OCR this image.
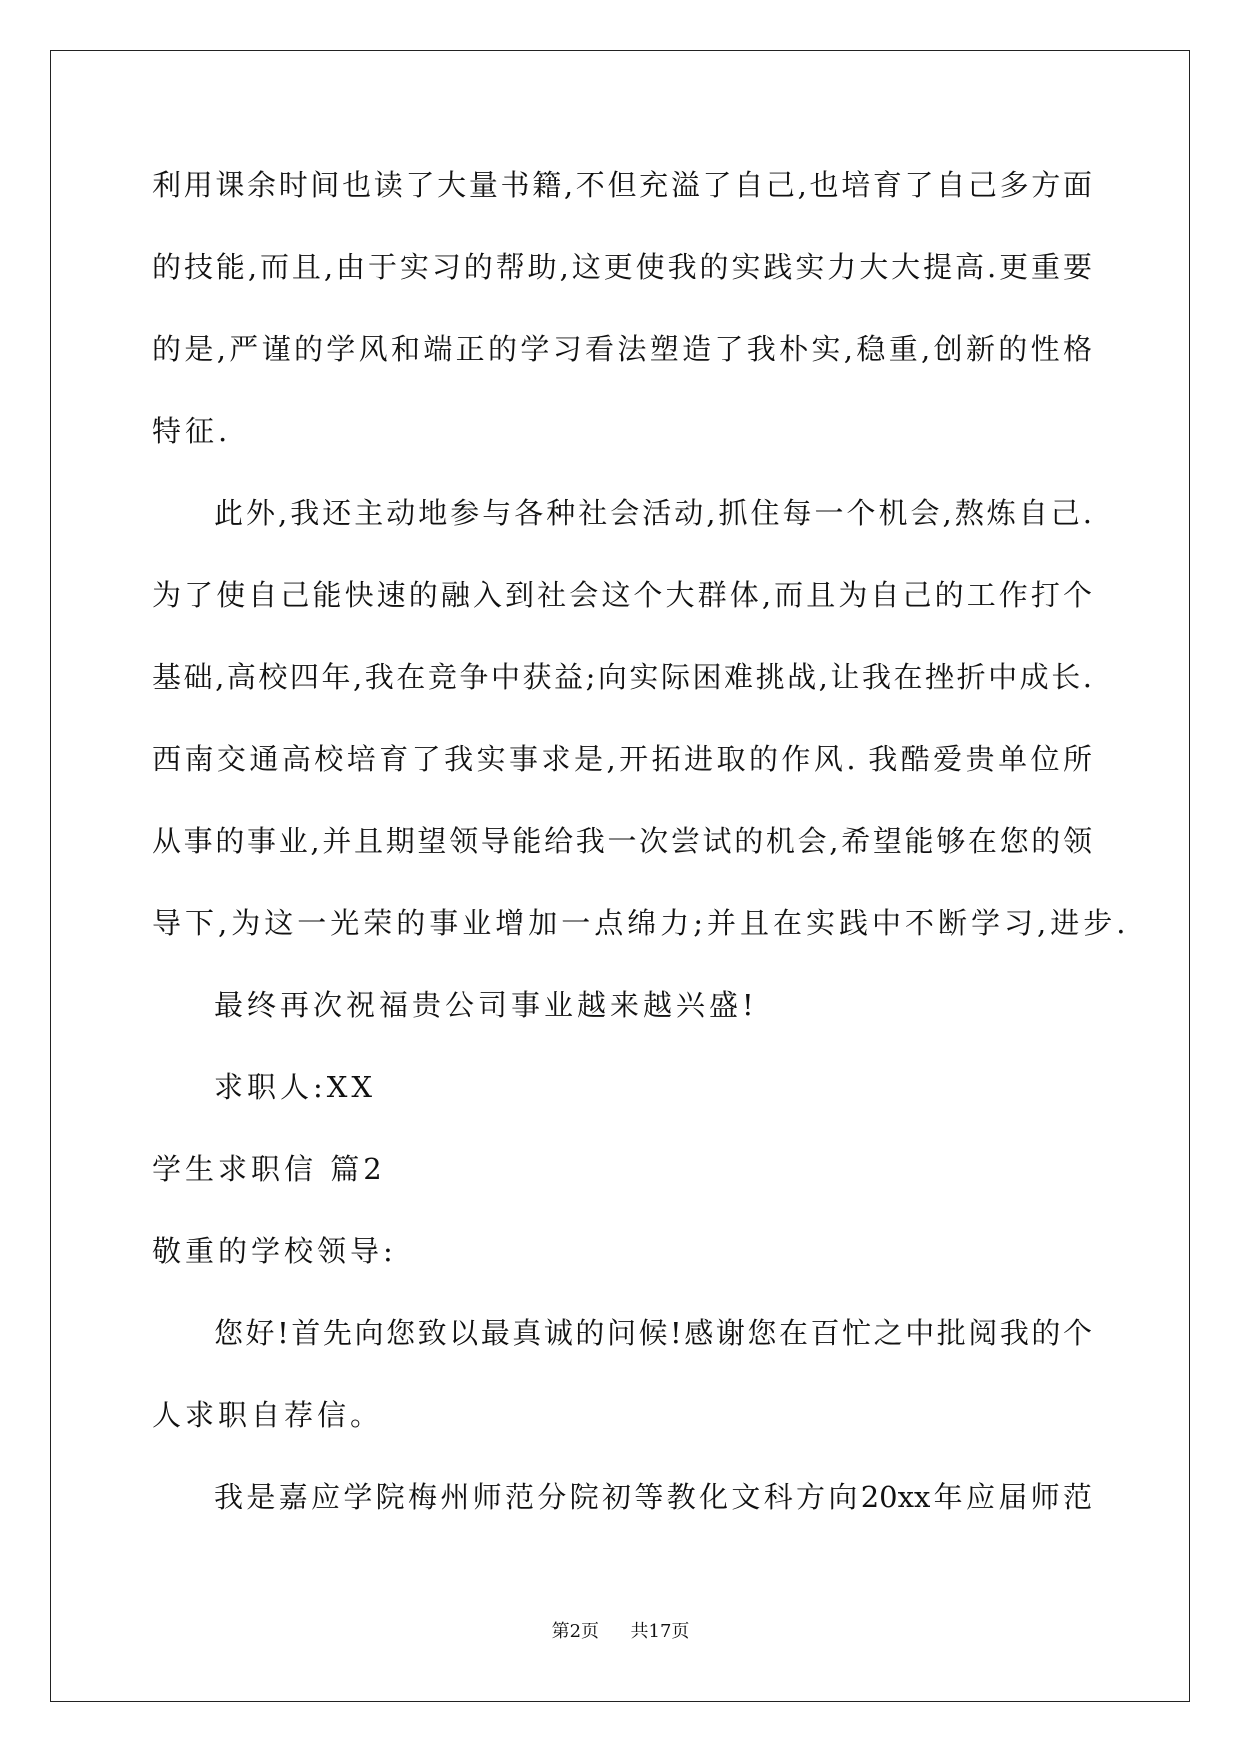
利用课余时间也读了大量书籍,不但充溢了自己,也培育了自己多方面
的技能,而且,由于实习的帮助,这更使我的实践实力大大提高.更重要
的是,严谨的学风和端正的学习看法塑造了我朴实,稳重,创新的性格
特征.
此外,我还主动地参与各种社会活动,抓住每一个机会,熬炼自己.
为了使自己能快速的融入到社会这个大群体,而且为自己的工作打个
基础,高校四年,我在竞争中获益;向实际困难挑战,让我在挫折中成长.
西南交通高校培育了我实事求是,开拓进取的作风. 我酷爱贵单位所
从事的事业,并且期望领导能给我一次尝试的机会,希望能够在您的领
导下,为这一光荣的事业增加一点绵力;并且在实践中不断学习,进步.
最终再次祝福贵公司事业越来越兴盛!
求职人:XX
学生求职信 篇2
敬重的学校领导:
您好!首先向您致以最真诚的问候!感谢您在百忙之中批阅我的个
人求职自荐信。
我是嘉应学院梅州师范分院初等教化文科方向20xx年应届师范
第2页 共17页
